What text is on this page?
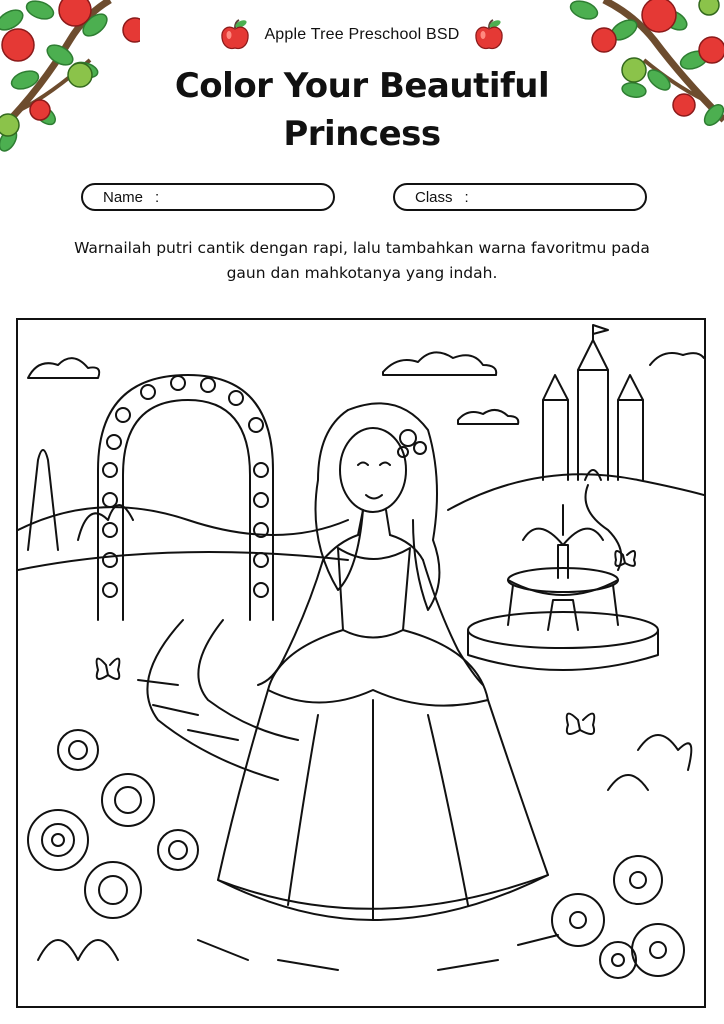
Apple Tree Preschool BSD
Color Your Beautiful Princess
Name :	Class :
Warnailah putri cantik dengan rapi, lalu tambahkan warna favoritmu pada gaun dan mahkotanya yang indah.
